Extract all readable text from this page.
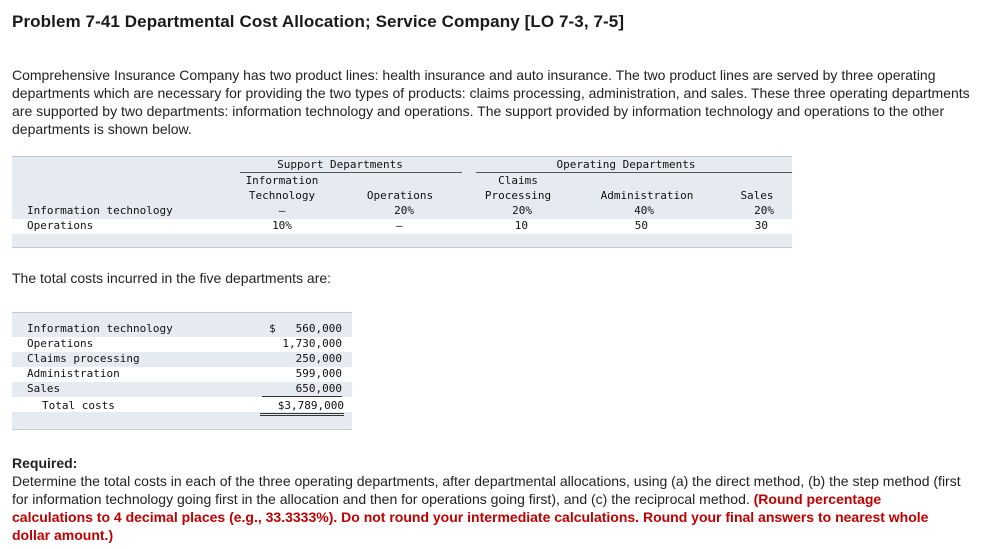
Problem 7-41 Departmental Cost Allocation; Service Company [LO 7-3, 7-5]

Comprehensive Insurance Company has two product lines: health insurance and auto insurance. The two product lines are served by three operating departments which are necessary for providing the two types of products: claims processing, administration, and sales. These three operating departments are supported by two departments: information technology and operations. The support provided by information technology and operations to the other departments is shown below.

Support Departments	Operating Departments
Information
Technology	Operations
Claims
Processing	Administration	Sales
Information technology	—	20%	20%	40%	20%
Operations	10%	—	10	50	30

The total costs incurred in the five departments are:

Information technology	$   560,000
Operations	1,730,000
Claims processing	250,000
Administration	599,000
Sales	650,000
Total costs	$3,789,000

Required:
Determine the total costs in each of the three operating departments, after departmental allocations, using (a) the direct method, (b) the step method (first for information technology going first in the allocation and then for operations going first), and (c) the reciprocal method. (Round percentage calculations to 4 decimal places (e.g., 33.3333%). Do not round your intermediate calculations. Round your final answers to nearest whole dollar amount.)
